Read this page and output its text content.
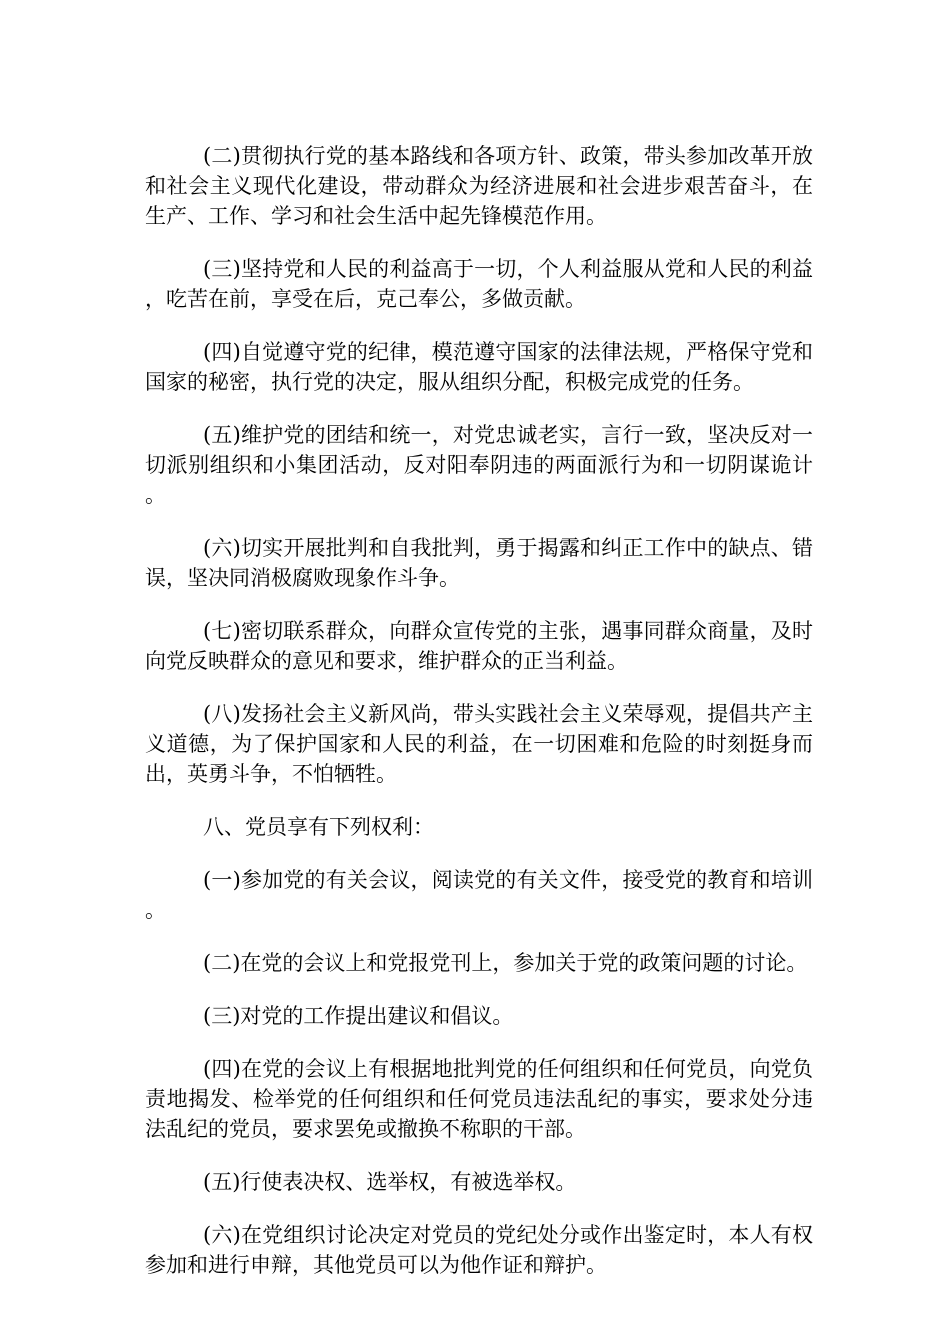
(二)贯彻执行党的基本路线和各项方针、政策，带头参加改革开放和社会主义现代化建设，带动群众为经济进展和社会进步艰苦奋斗，在生产、工作、学习和社会生活中起先锋模范作用。

(三)坚持党和人民的利益高于一切，个人利益服从党和人民的利益，吃苦在前，享受在后，克己奉公，多做贡献。

(四)自觉遵守党的纪律，模范遵守国家的法律法规，严格保守党和国家的秘密，执行党的决定，服从组织分配，积极完成党的任务。

(五)维护党的团结和统一，对党忠诚老实，言行一致，坚决反对一切派别组织和小集团活动，反对阳奉阴违的两面派行为和一切阴谋诡计。

(六)切实开展批判和自我批判，勇于揭露和纠正工作中的缺点、错误，坚决同消极腐败现象作斗争。

(七)密切联系群众，向群众宣传党的主张，遇事同群众商量，及时向党反映群众的意见和要求，维护群众的正当利益。

(八)发扬社会主义新风尚，带头实践社会主义荣辱观，提倡共产主义道德，为了保护国家和人民的利益，在一切困难和危险的时刻挺身而出，英勇斗争，不怕牺牲。

八、党员享有下列权利：

(一)参加党的有关会议，阅读党的有关文件，接受党的教育和培训。

(二)在党的会议上和党报党刊上，参加关于党的政策问题的讨论。

(三)对党的工作提出建议和倡议。

(四)在党的会议上有根据地批判党的任何组织和任何党员，向党负责地揭发、检举党的任何组织和任何党员违法乱纪的事实，要求处分违法乱纪的党员，要求罢免或撤换不称职的干部。

(五)行使表决权、选举权，有被选举权。

(六)在党组织讨论决定对党员的党纪处分或作出鉴定时，本人有权参加和进行申辩，其他党员可以为他作证和辩护。
